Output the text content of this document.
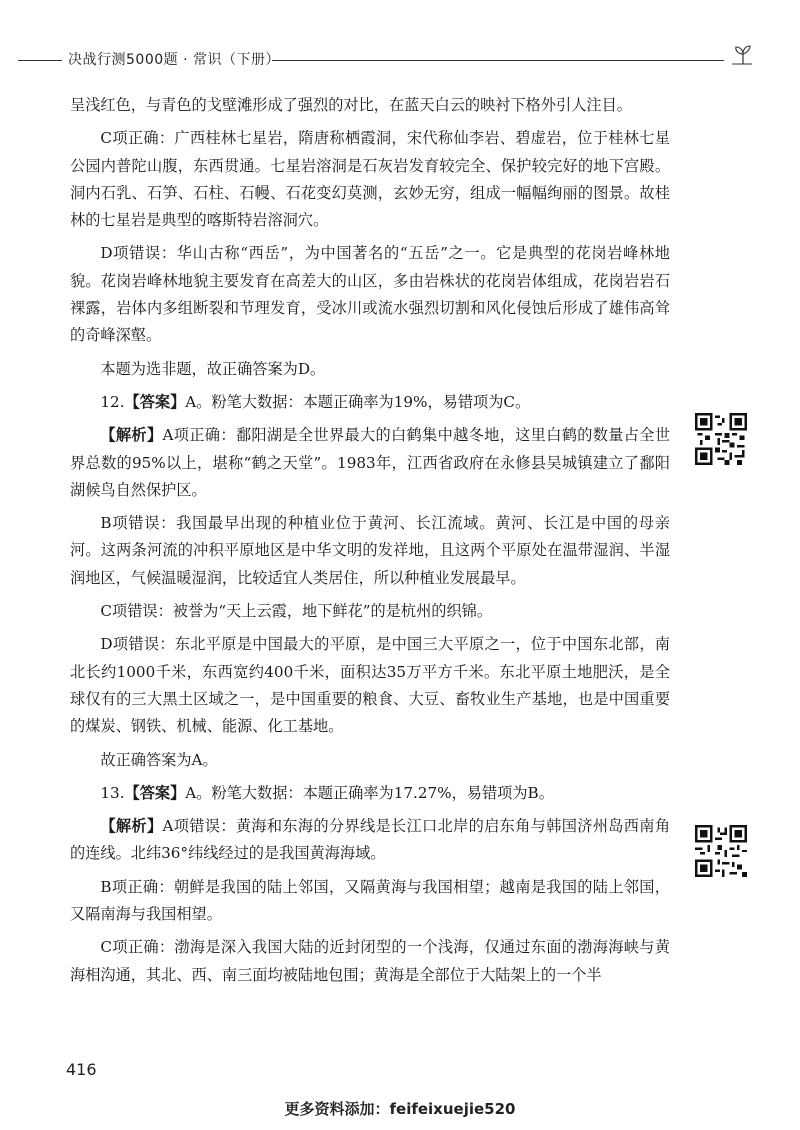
决战行测5000题 · 常识（下册）

呈浅红色，与青色的戈壁滩形成了强烈的对比，在蓝天白云的映衬下格外引人注目。

C项正确：广西桂林七星岩，隋唐称栖霞洞，宋代称仙李岩、碧虚岩，位于桂林七星公园内普陀山腹，东西贯通。七星岩溶洞是石灰岩发育较完全、保护较完好的地下宫殿。洞内石乳、石笋、石柱、石幔、石花变幻莫测，玄妙无穷，组成一幅幅绚丽的图景。故桂林的七星岩是典型的喀斯特岩溶洞穴。

D项错误：华山古称“西岳”，为中国著名的“五岳”之一。它是典型的花岗岩峰林地貌。花岗岩峰林地貌主要发育在高差大的山区，多由岩株状的花岗岩体组成，花岗岩岩石裸露，岩体内多组断裂和节理发育，受冰川或流水强烈切割和风化侵蚀后形成了雄伟高耸的奇峰深壑。

本题为选非题，故正确答案为D。

12.【答案】A。粉笔大数据：本题正确率为19%，易错项为C。

【解析】A项正确：鄱阳湖是全世界最大的白鹤集中越冬地，这里白鹤的数量占全世界总数的95%以上，堪称“鹤之天堂”。1983年，江西省政府在永修县吴城镇建立了鄱阳湖候鸟自然保护区。

B项错误：我国最早出现的种植业位于黄河、长江流域。黄河、长江是中国的母亲河。这两条河流的冲积平原地区是中华文明的发祥地，且这两个平原处在温带湿润、半湿润地区，气候温暖湿润，比较适宜人类居住，所以种植业发展最早。

C项错误：被誉为“天上云霞，地下鲜花”的是杭州的织锦。

D项错误：东北平原是中国最大的平原，是中国三大平原之一，位于中国东北部，南北长约1000千米，东西宽约400千米，面积达35万平方千米。东北平原土地肥沃，是全球仅有的三大黑土区域之一，是中国重要的粮食、大豆、畜牧业生产基地，也是中国重要的煤炭、钢铁、机械、能源、化工基地。

故正确答案为A。

13.【答案】A。粉笔大数据：本题正确率为17.27%，易错项为B。

【解析】A项错误：黄海和东海的分界线是长江口北岸的启东角与韩国济州岛西南角的连线。北纬36°纬线经过的是我国黄海海域。

B项正确：朝鲜是我国的陆上邻国，又隔黄海与我国相望；越南是我国的陆上邻国，又隔南海与我国相望。

C项正确：渤海是深入我国大陆的近封闭型的一个浅海，仅通过东面的渤海海峡与黄海相沟通，其北、西、南三面均被陆地包围；黄海是全部位于大陆架上的一个半

416
更多资料添加：feifeixuejie520
